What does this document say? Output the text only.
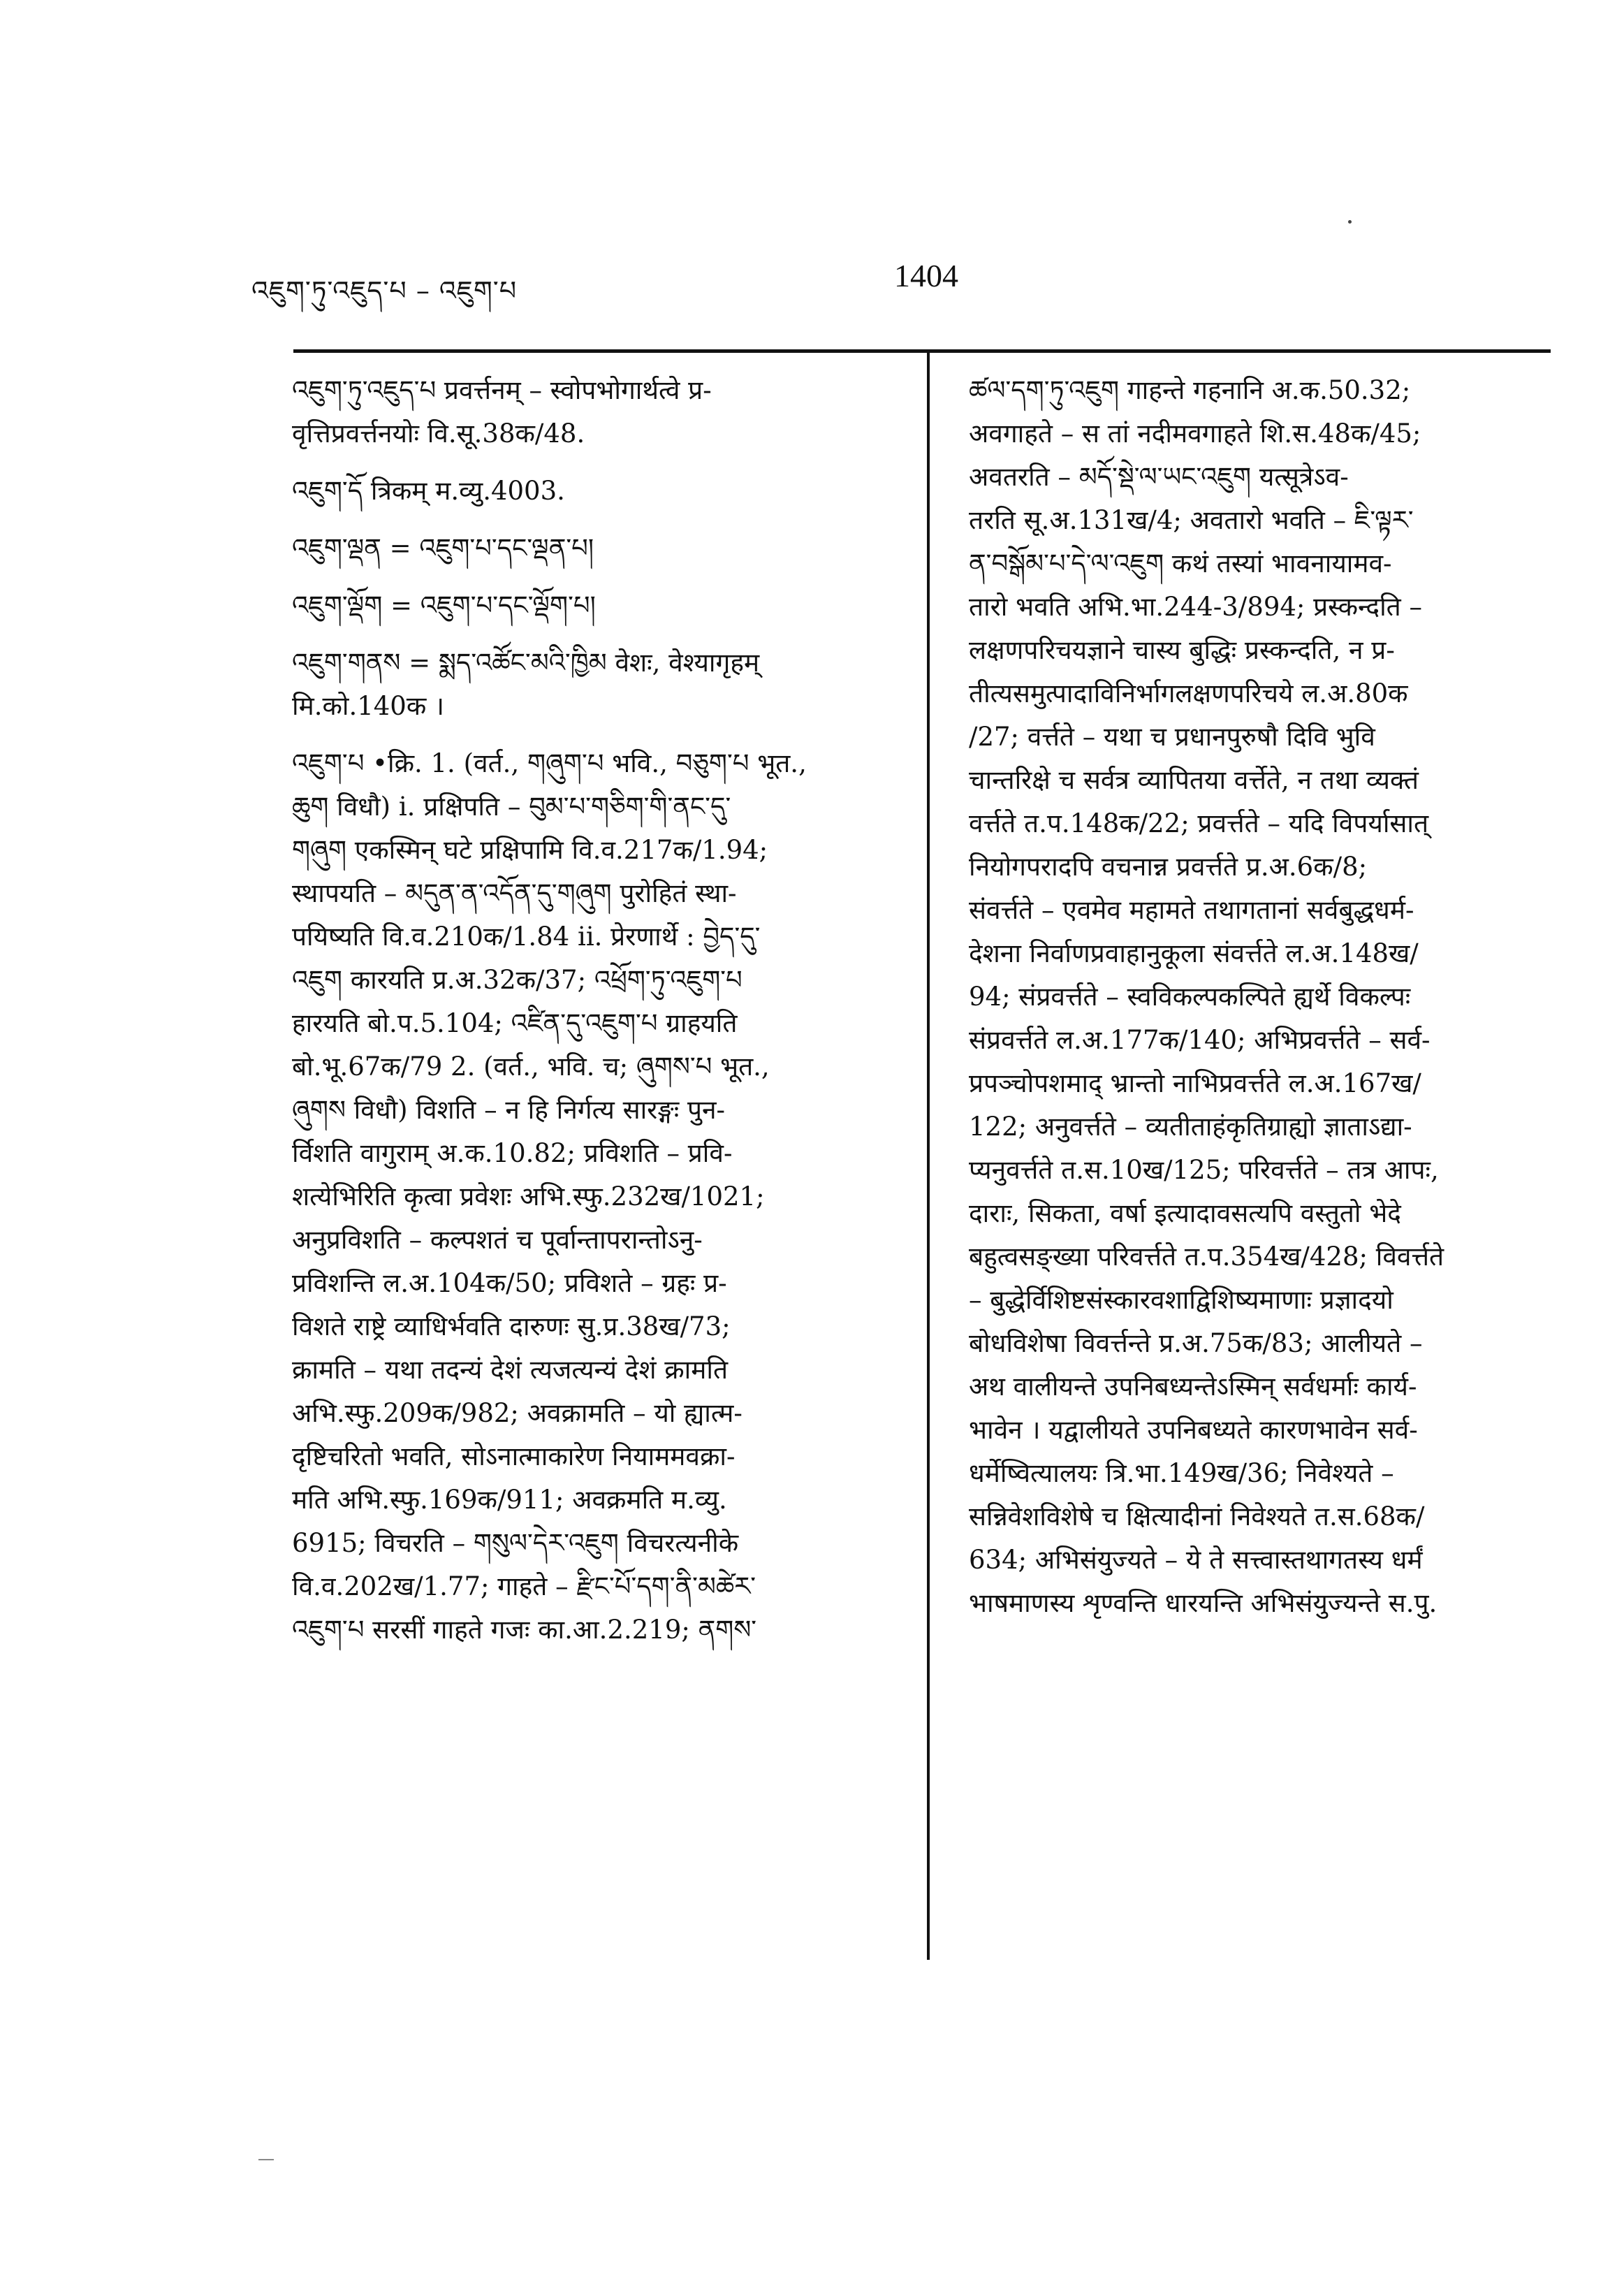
འཇུག་ཏུ་འཇུད་པ – འཇུག་པ	1404
འཇུག་ཏུ་འཇུད་པ प्रवर्त्तनम् – स्वोपभोगार्थत्वे प्र-
वृत्तिप्रवर्त्तनयोः वि.सू.38क/48.
འཇུག་དོ त्रिकम् म.व्यु.4003.
འཇུག་ལྡན = འཇུག་པ་དང་ལྡན་པ།
འཇུག་ལྡོག = འཇུག་པ་དང་ལྡོག་པ།
འཇུག་གནས = སྨད་འཚོང་མའི་ཁྱིམ वेशः, वेश्यागृहम्
मि.को.140क ।
འཇུག་པ •क्रि. 1. (वर्त., གཞུག་པ भवि., བཅུག་པ भूत.,
ཆུག विधौ) i. प्रक्षिपति – བུམ་པ་གཅིག་གི་ནང་དུ་
གཞུག एकस्मिन् घटे प्रक्षिपामि वि.व.217क/1.94;
स्थापयति – མདུན་ན་འདོན་དུ་གཞུག पुरोहितं स्था-
पयिष्यति वि.व.210क/1.84 ii. प्रेरणार्थे : བྱེད་དུ་
འཇུག कारयति प्र.अ.32क/37; འཕྲོག་ཏུ་འཇུག་པ
हारयति बो.प.5.104; འཛིན་དུ་འཇུག་པ ग्राहयति
बो.भू.67क/79 2. (वर्त., भवि. च; ཞུགས་པ भूत.,
ཞུགས विधौ) विशति – न हि निर्गत्य सारङ्गः पुन-
र्विशति वागुराम् अ.क.10.82; प्रविशति – प्रवि-
शत्येभिरिति कृत्वा प्रवेशः अभि.स्फु.232ख/1021;
अनुप्रविशति – कल्पशतं च पूर्वान्तापरान्तोऽनु-
प्रविशन्ति ल.अ.104क/50; प्रविशते – ग्रहः प्र-
विशते राष्ट्रे व्याधिर्भवति दारुणः सु.प्र.38ख/73;
क्रामति – यथा तदन्यं देशं त्यजत्यन्यं देशं क्रामति
अभि.स्फु.209क/982; अवक्रामति – यो ह्यात्म-
दृष्टिचरितो भवति, सोऽनात्माकारेण नियाममवक्रा-
मति अभि.स्फु.169क/911; अवक्रमति म.व्यु.
6915; विचरति – གསུལ་དེར་འཇུག विचरत्यनीके
वि.व.202ख/1.77; गाहते – རྫིང་པོ་དག་ནི་མཚེར་
འཇུག་པ सरसीं गाहते गजः का.आ.2.219; ནགས་
ཚལ་དག་ཏུ་འཇུག गाहन्ते गहनानि अ.क.50.32;
अवगाहते – स तां नदीमवगाहते शि.स.48क/45;
अवतरति – མདོ་སྡེ་ལ་ཡང་འཇུག यत्सूत्रेऽव-
तरति सू.अ.131ख/4; अवतारो भवति – ཇི་ལྟར་
ན་བསྒོམ་པ་དེ་ལ་འཇུག कथं तस्यां भावनायामव-
तारो भवति अभि.भा.244-3/894; प्रस्कन्दति –
लक्षणपरिचयज्ञाने चास्य बुद्धिः प्रस्कन्दति, न प्र-
तीत्यसमुत्पादाविनिर्भागलक्षणपरिचये ल.अ.80क
/27; वर्त्तते – यथा च प्रधानपुरुषौ दिवि भुवि
चान्तरिक्षे च सर्वत्र व्यापितया वर्त्तेते, न तथा व्यक्तं
वर्त्तते त.प.148क/22; प्रवर्त्तते – यदि विपर्यासात्
नियोगपरादपि वचनान्न प्रवर्त्तते प्र.अ.6क/8;
संवर्त्तते – एवमेव महामते तथागतानां सर्वबुद्धधर्म-
देशना निर्वाणप्रवाहानुकूला संवर्त्तते ल.अ.148ख/
94; संप्रवर्त्तते – स्वविकल्पकल्पिते ह्यर्थे विकल्पः
संप्रवर्त्तते ल.अ.177क/140; अभिप्रवर्त्तते – सर्व-
प्रपञ्चोपशमाद् भ्रान्तो नाभिप्रवर्त्तते ल.अ.167ख/
122; अनुवर्त्तते – व्यतीताहंकृतिग्राह्यो ज्ञाताऽद्या-
प्यनुवर्त्तते त.स.10ख/125; परिवर्त्तते – तत्र आपः,
दाराः, सिकता, वर्षा इत्यादावसत्यपि वस्तुतो भेदे
बहुत्वसङ्ख्या परिवर्त्तते त.प.354ख/428; विवर्त्तते
– बुद्धेर्विशिष्टसंस्कारवशाद्विशिष्यमाणाः प्रज्ञादयो
बोधविशेषा विवर्त्तन्ते प्र.अ.75क/83; आलीयते –
अथ वालीयन्ते उपनिबध्यन्तेऽस्मिन् सर्वधर्माः कार्य-
भावेन । यद्वालीयते उपनिबध्यते कारणभावेन सर्व-
धर्मेष्वित्यालयः त्रि.भा.149ख/36; निवेश्यते –
सन्निवेशविशेषे च क्षित्यादीनां निवेश्यते त.स.68क/
634; अभिसंयुज्यते – ये ते सत्त्वास्तथागतस्य धर्मं
भाषमाणस्य शृण्वन्ति धारयन्ति अभिसंयुज्यन्ते स.पु.
